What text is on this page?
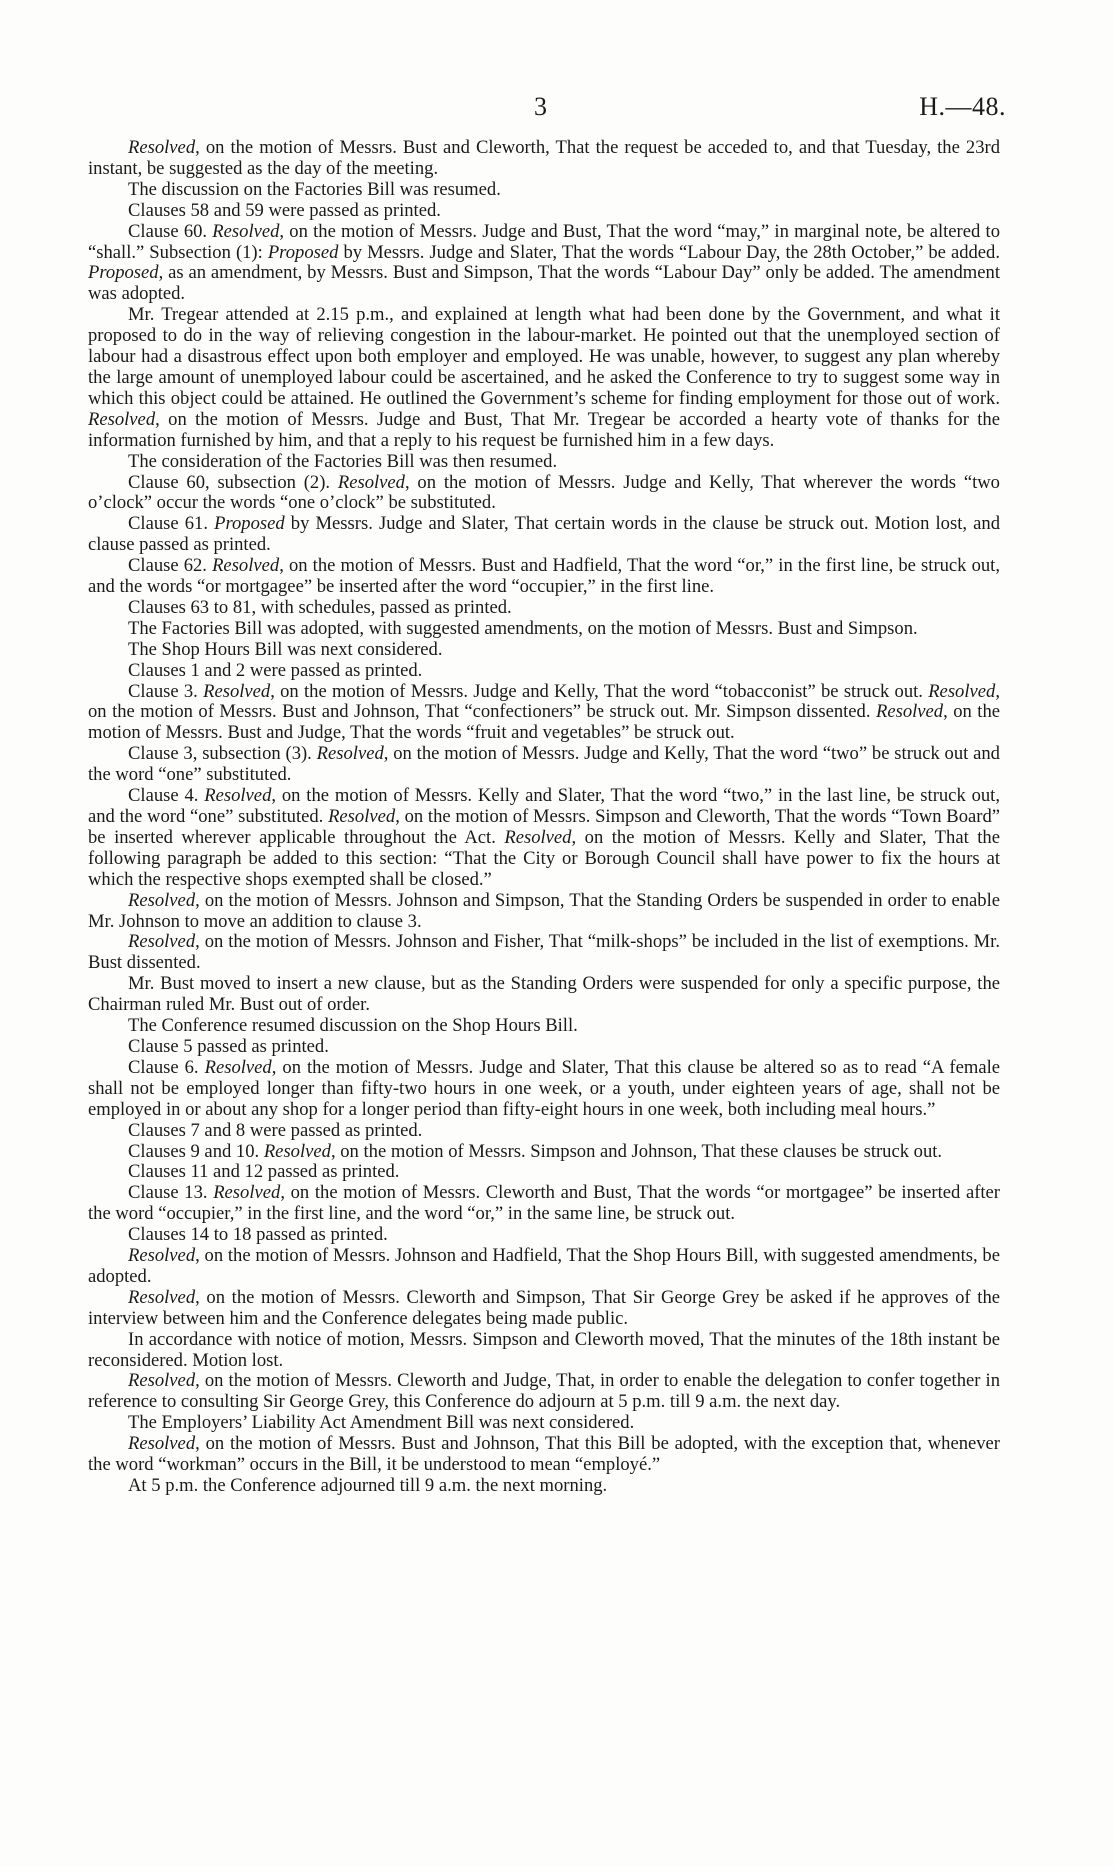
3	H.—48.

Resolved, on the motion of Messrs. Bust and Cleworth, That the request be acceded to, and that Tuesday, the 23rd instant, be suggested as the day of the meeting.

The discussion on the Factories Bill was resumed.

Clauses 58 and 59 were passed as printed.

Clause 60. Resolved, on the motion of Messrs. Judge and Bust, That the word “may,” in marginal note, be altered to “shall.” Subsection (1): Proposed by Messrs. Judge and Slater, That the words “Labour Day, the 28th October,” be added. Proposed, as an amendment, by Messrs. Bust and Simpson, That the words “Labour Day” only be added. The amendment was adopted.

Mr. Tregear attended at 2.15 p.m., and explained at length what had been done by the Government, and what it proposed to do in the way of relieving congestion in the labour-market. He pointed out that the unemployed section of labour had a disastrous effect upon both employer and employed. He was unable, however, to suggest any plan whereby the large amount of unemployed labour could be ascertained, and he asked the Conference to try to suggest some way in which this object could be attained. He outlined the Government’s scheme for finding employment for those out of work. Resolved, on the motion of Messrs. Judge and Bust, That Mr. Tregear be accorded a hearty vote of thanks for the information furnished by him, and that a reply to his request be furnished him in a few days.

The consideration of the Factories Bill was then resumed.

Clause 60, subsection (2). Resolved, on the motion of Messrs. Judge and Kelly, That wherever the words “two o’clock” occur the words “one o’clock” be substituted.

Clause 61. Proposed by Messrs. Judge and Slater, That certain words in the clause be struck out. Motion lost, and clause passed as printed.

Clause 62. Resolved, on the motion of Messrs. Bust and Hadfield, That the word “or,” in the first line, be struck out, and the words “or mortgagee” be inserted after the word “occupier,” in the first line.

Clauses 63 to 81, with schedules, passed as printed.

The Factories Bill was adopted, with suggested amendments, on the motion of Messrs. Bust and Simpson.

The Shop Hours Bill was next considered.

Clauses 1 and 2 were passed as printed.

Clause 3. Resolved, on the motion of Messrs. Judge and Kelly, That the word “tobacconist” be struck out. Resolved, on the motion of Messrs. Bust and Johnson, That “confectioners” be struck out. Mr. Simpson dissented. Resolved, on the motion of Messrs. Bust and Judge, That the words “fruit and vegetables” be struck out.

Clause 3, subsection (3). Resolved, on the motion of Messrs. Judge and Kelly, That the word “two” be struck out and the word “one” substituted.

Clause 4. Resolved, on the motion of Messrs. Kelly and Slater, That the word “two,” in the last line, be struck out, and the word “one” substituted. Resolved, on the motion of Messrs. Simpson and Cleworth, That the words “Town Board” be inserted wherever applicable throughout the Act. Resolved, on the motion of Messrs. Kelly and Slater, That the following paragraph be added to this section: “That the City or Borough Council shall have power to fix the hours at which the respective shops exempted shall be closed.”

Resolved, on the motion of Messrs. Johnson and Simpson, That the Standing Orders be suspended in order to enable Mr. Johnson to move an addition to clause 3.

Resolved, on the motion of Messrs. Johnson and Fisher, That “milk-shops” be included in the list of exemptions. Mr. Bust dissented.

Mr. Bust moved to insert a new clause, but as the Standing Orders were suspended for only a specific purpose, the Chairman ruled Mr. Bust out of order.

The Conference resumed discussion on the Shop Hours Bill.

Clause 5 passed as printed.

Clause 6. Resolved, on the motion of Messrs. Judge and Slater, That this clause be altered so as to read “A female shall not be employed longer than fifty-two hours in one week, or a youth, under eighteen years of age, shall not be employed in or about any shop for a longer period than fifty-eight hours in one week, both including meal hours.”

Clauses 7 and 8 were passed as printed.

Clauses 9 and 10. Resolved, on the motion of Messrs. Simpson and Johnson, That these clauses be struck out.

Clauses 11 and 12 passed as printed.

Clause 13. Resolved, on the motion of Messrs. Cleworth and Bust, That the words “or mortgagee” be inserted after the word “occupier,” in the first line, and the word “or,” in the same line, be struck out.

Clauses 14 to 18 passed as printed.

Resolved, on the motion of Messrs. Johnson and Hadfield, That the Shop Hours Bill, with suggested amendments, be adopted.

Resolved, on the motion of Messrs. Cleworth and Simpson, That Sir George Grey be asked if he approves of the interview between him and the Conference delegates being made public.

In accordance with notice of motion, Messrs. Simpson and Cleworth moved, That the minutes of the 18th instant be reconsidered. Motion lost.

Resolved, on the motion of Messrs. Cleworth and Judge, That, in order to enable the delegation to confer together in reference to consulting Sir George Grey, this Conference do adjourn at 5 p.m. till 9 a.m. the next day.

The Employers’ Liability Act Amendment Bill was next considered.

Resolved, on the motion of Messrs. Bust and Johnson, That this Bill be adopted, with the exception that, whenever the word “workman” occurs in the Bill, it be understood to mean “employé.”

At 5 p.m. the Conference adjourned till 9 a.m. the next morning.
